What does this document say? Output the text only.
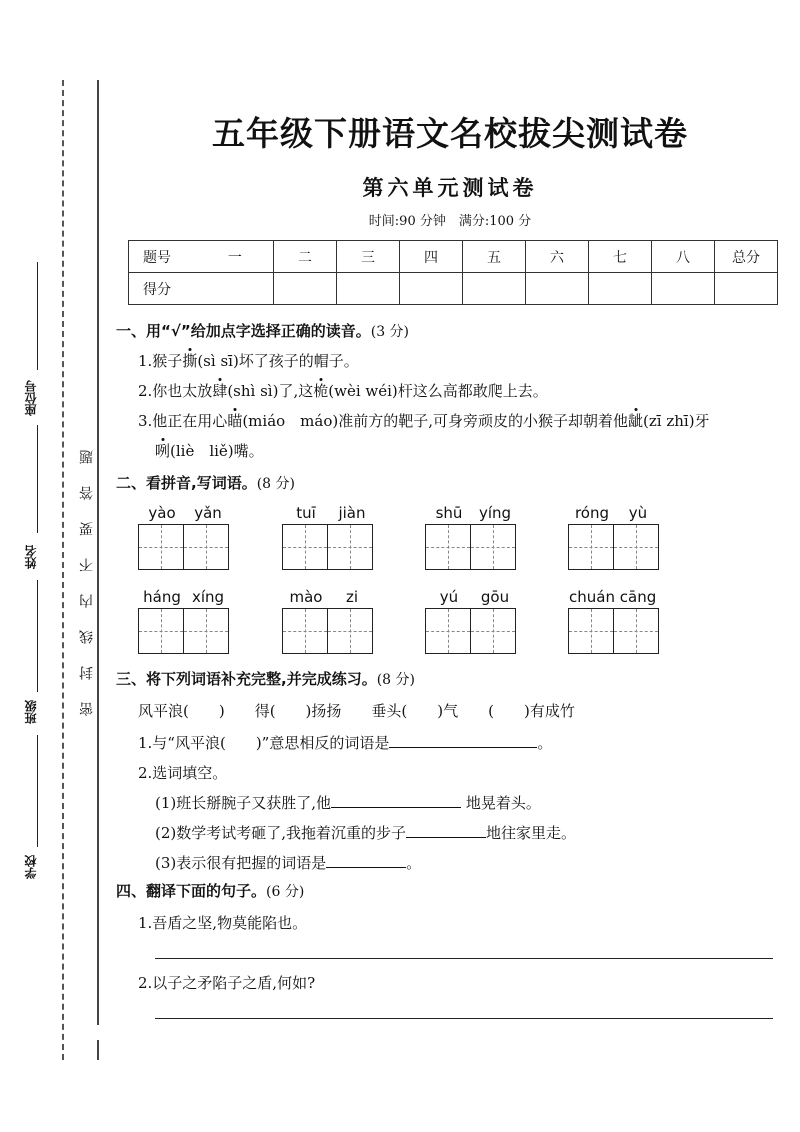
座位号
姓名
班级
学校
密封线内不要答题
五年级下册语文名校拔尖测试卷
第六单元测试卷
时间:90 分钟　满分:100 分
题号 一	二	三	四	五	六	七	八	总分
得分								
一、用“√”给加点字选择正确的读音。(3 分)
1.猴子撕(sì sī)坏了孩子的帽子。
2.你也太放肆(shì sì)了,这桅(wèi wéi)杆这么高都敢爬上去。
3.他正在用心瞄(miáo　máo)准前方的靶子,可身旁顽皮的小猴子却朝着他龇(zī zhī)牙
咧(liè　liě)嘴。
二、看拼音,写词语。(8 分)
yào	yǎn	tuī	jiàn	shū	yíng	róng	yù
háng xíng	mào	zi	yú	gōu	chuán cāng
三、将下列词语补充完整,并完成练习。(8 分)
风平浪(　　)　　得(　　)扬扬　　垂头(　　)气　　(　　)有成竹
1.与“风平浪(　　)”意思相反的词语是	。
2.选词填空。
(1)班长掰腕子又获胜了,他	地晃着头。
(2)数学考试考砸了,我拖着沉重的步子	地往家里走。
(3)表示很有把握的词语是	。
四、翻译下面的句子。(6 分)
1.吾盾之坚,物莫能陷也。
2.以子之矛陷子之盾,何如?
